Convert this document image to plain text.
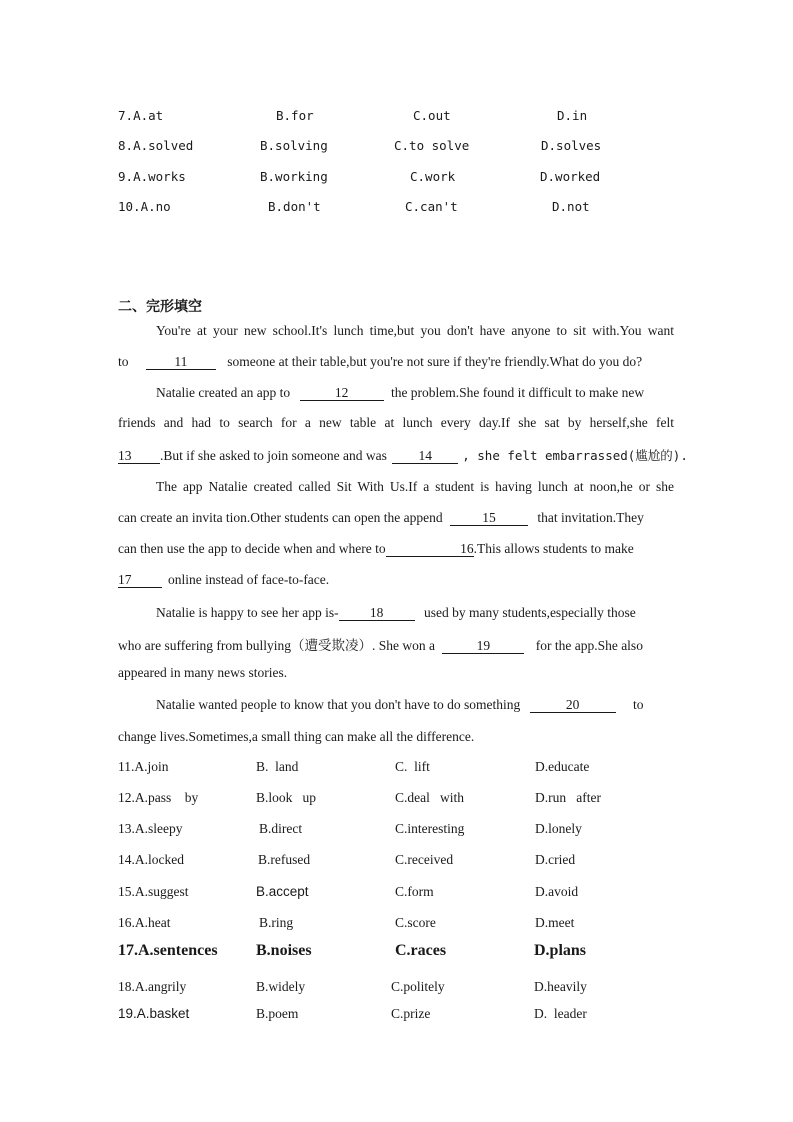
7.A.at	B.for	C.out	D.in
8.A.solved	B.solving	C.to solve	D.solves
9.A.works	B.working	C.work	D.worked
10.A.no	B.don't	C.can't	D.not
二、完形填空
You're at your new school.It's lunch time,but you don't have anyone to sit with.You want
to	11	someone at their table,but you're not sure if they're friendly.What do you do?
Natalie created an app to	12	the problem.She found it difficult to make new
friends and had to search for a new table at lunch every day.If she sat by herself,she felt
13 .But if she asked to join someone and was 14 , she felt embarrassed(尴尬的).
The app Natalie created called Sit With Us.If a student is having lunch at noon,he or she
can create an invita tion.Other students can open the append	15	that invitation.They
can then use the app to decide when and where to	16.This allows students to make
17	online instead of face-to-face.
Natalie is happy to see her app is- 18	used by many students,especially those
who are suffering from bullying（遭受欺凌）. She won a	19	for the app.She also
appeared in many news stories.
Natalie wanted people to know that you don't have to do something	20	to
change lives.Sometimes,a small thing can make all the difference.
11.A.join	B.  land	C.  lift	D.educate
12.A.pass    by	B.look   up	C.deal   with	D.run   after
13.A.sleepy	B.direct	C.interesting	D.lonely
14.A.locked	B.refused	C.received	D.cried
15.A.suggest	B.accept	C.form	D.avoid
16.A.heat	B.ring	C.score	D.meet
17.A.sentences B.noises	C.races	D.plans
18.A.angrily	B.widely	C.politely	D.heavily
19.A.basket	B.poem	C.prize	D.  leader
